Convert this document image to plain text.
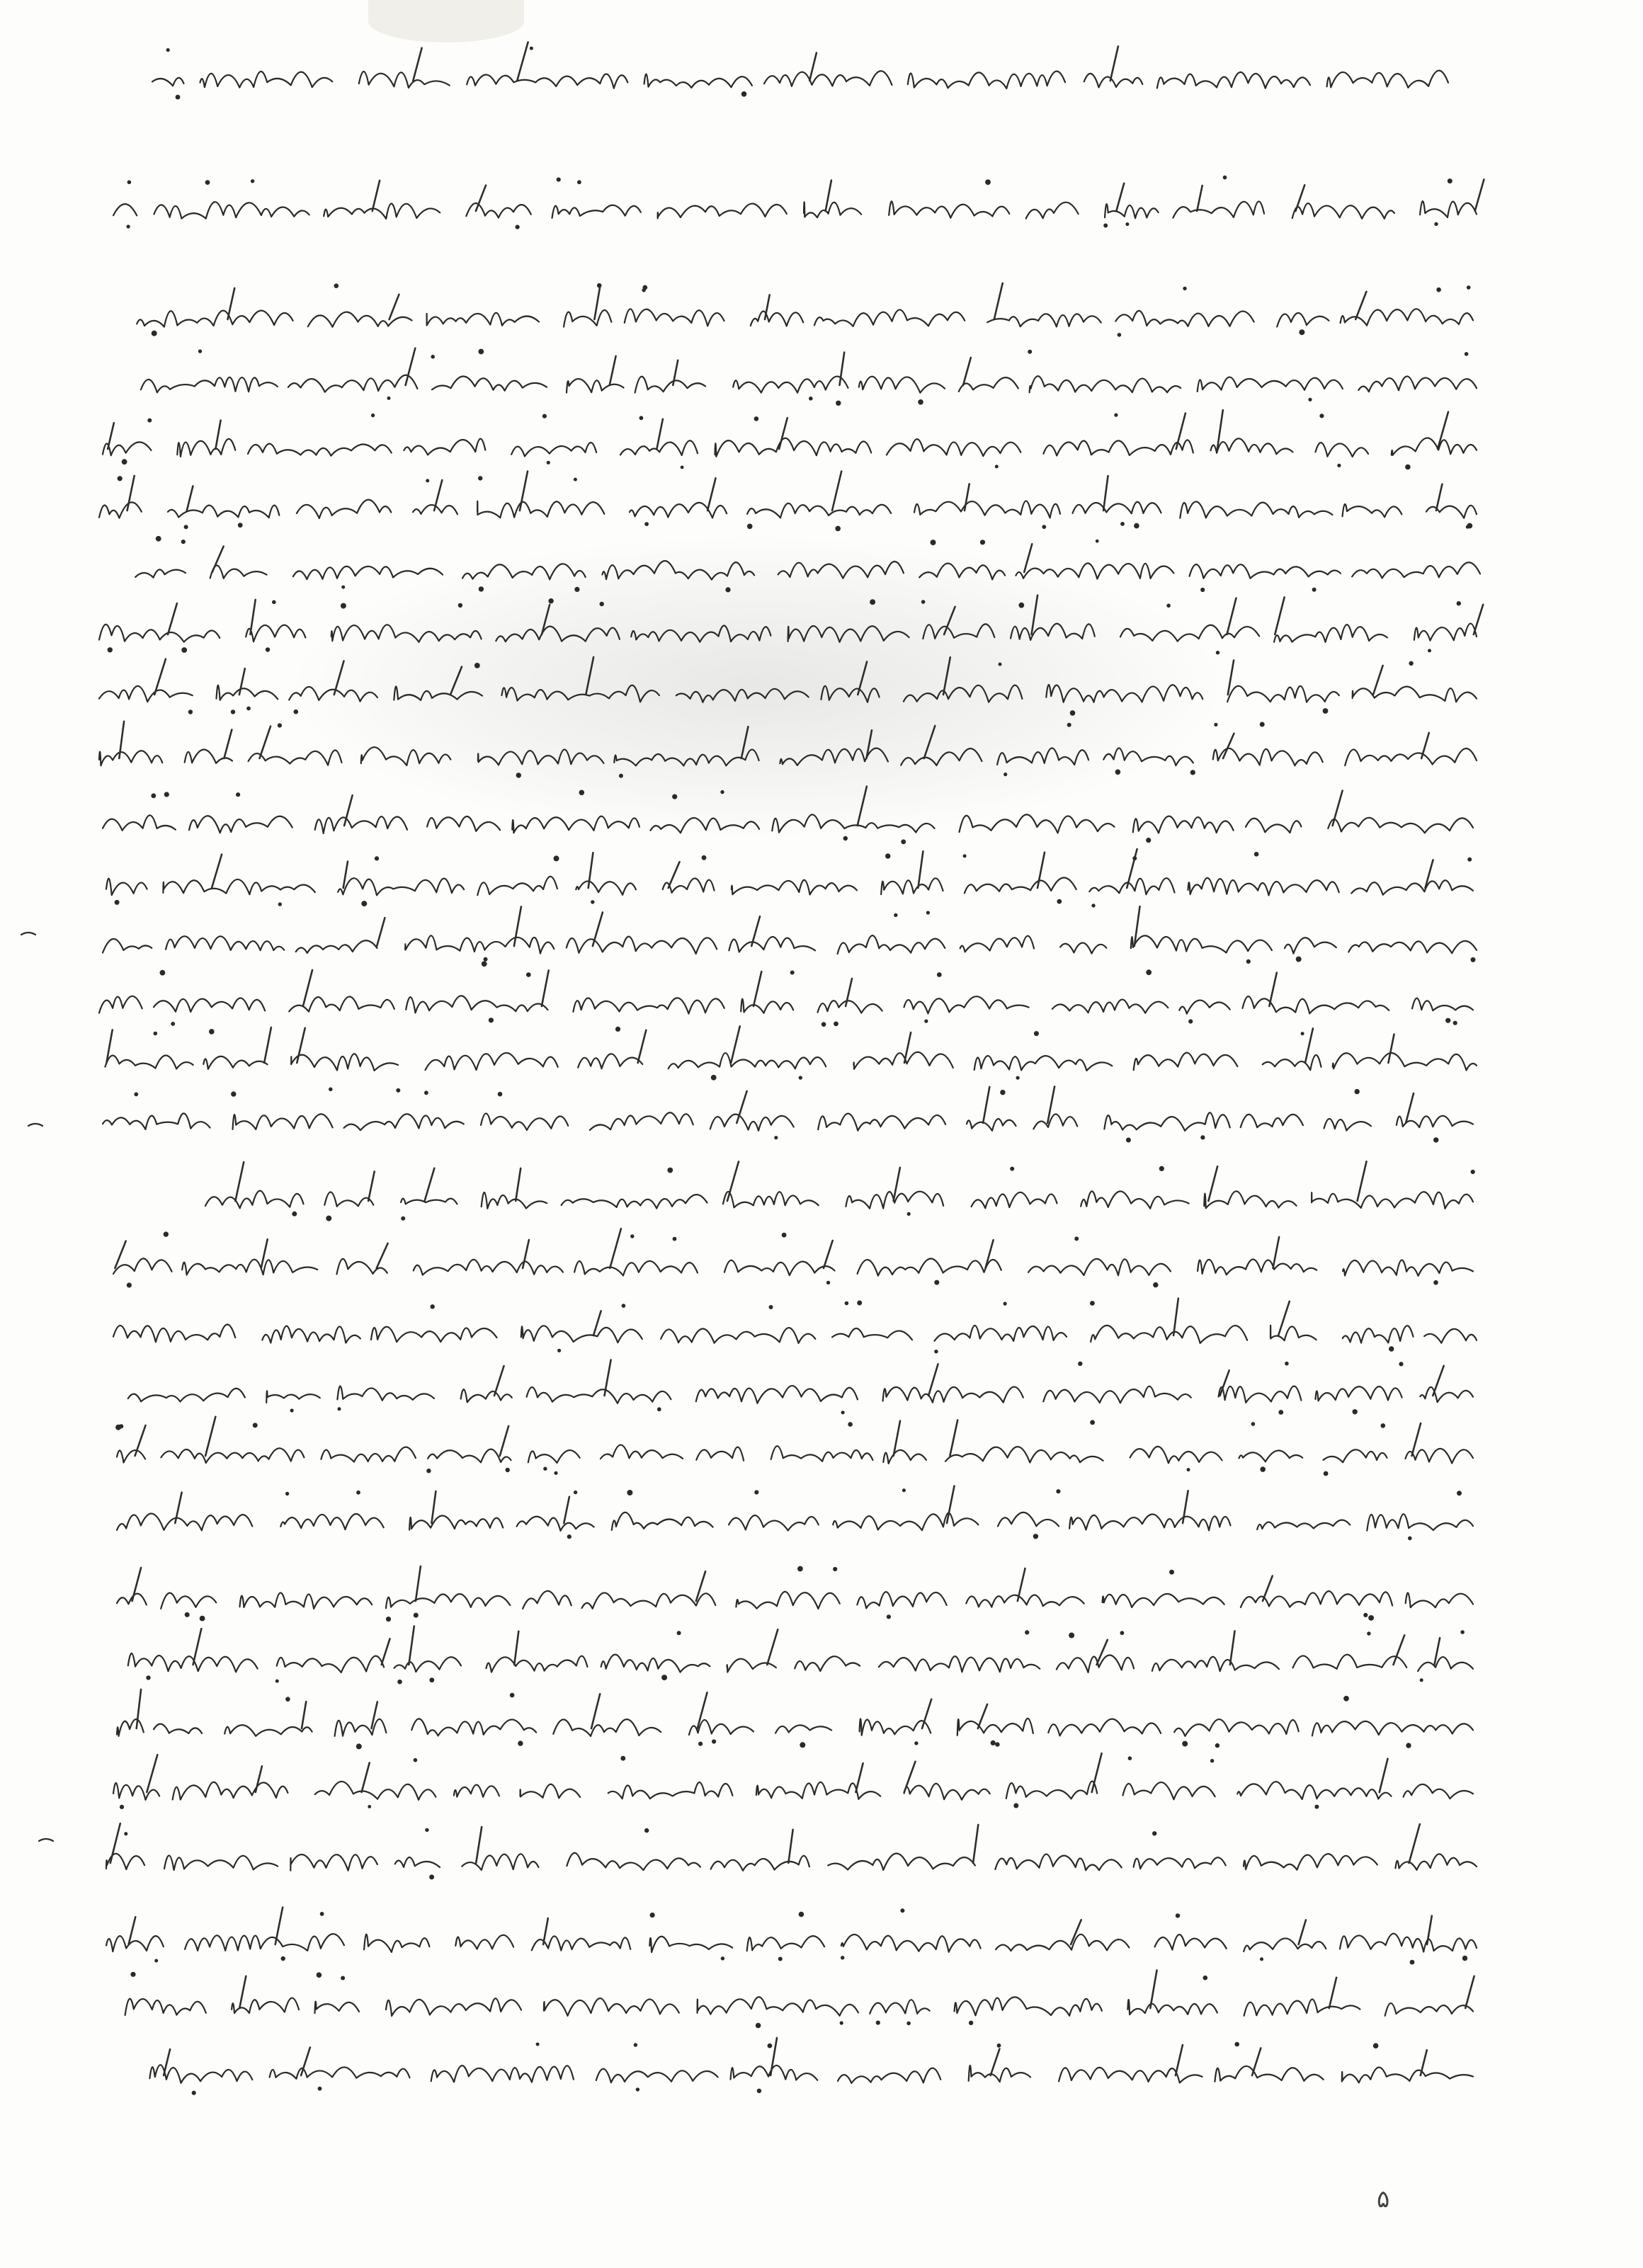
۵
